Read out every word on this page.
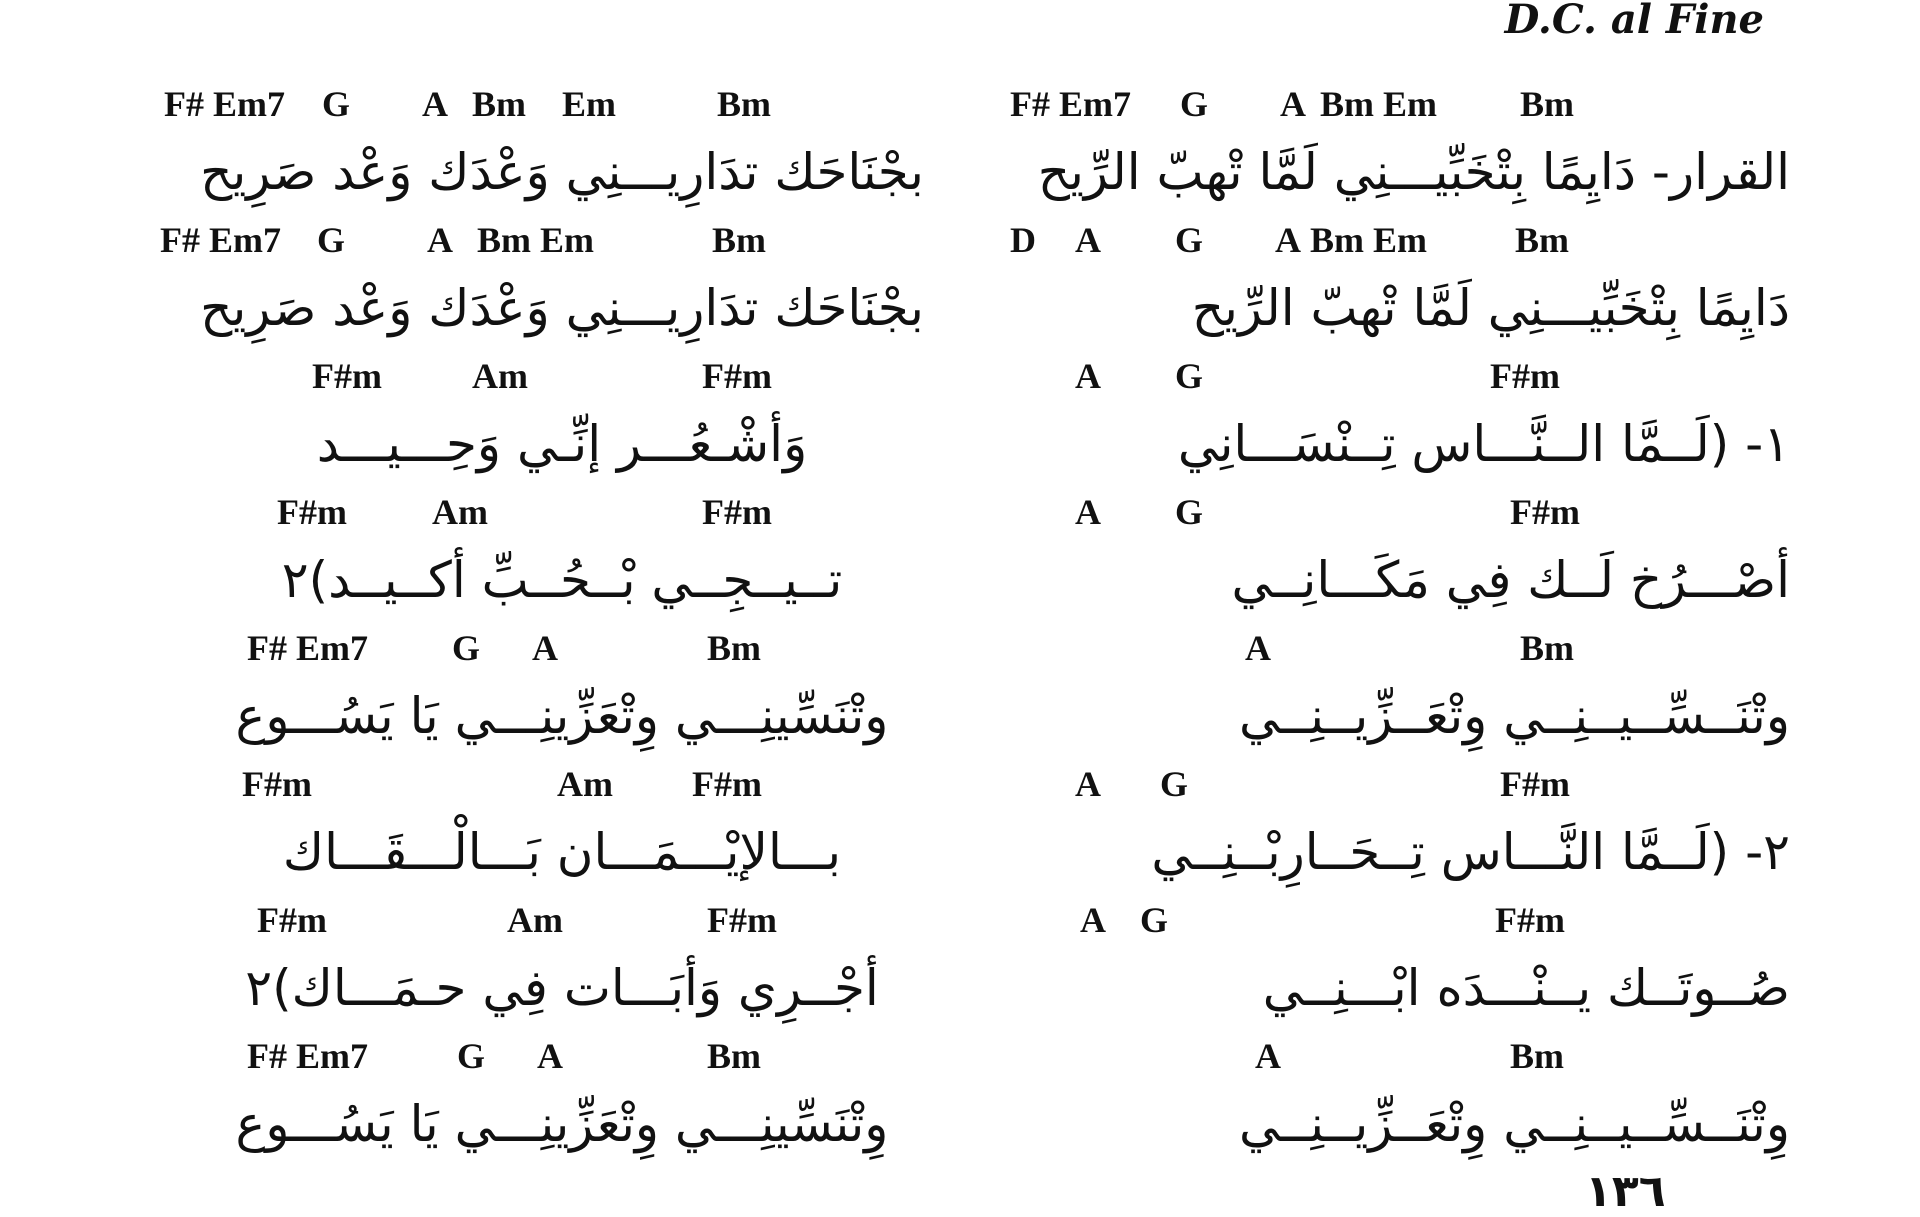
D.C. al Fine
F# Em7 G A Bm Em Bm
القرار- دَايِمًا بِتْخَبِّيـــنِي لَمَّا تْهبّ الرِّيح
D A G A Bm Em Bm
دَايِمًا بِتْخَبِّيـــنِي لَمَّا تْهبّ الرِّيح
A G	F#m
١- (لَــمَّا الــنَّـــاس تِــنْسَـــانِي
A G	F#m
أصْـــرُخ لَــك فِي مَكَـــانِــي
A	Bm
وتْنَــسِّــيــنِــي وِتْعَــزِّيــنِــي
A G	F#m
٢- (لَــمَّا النَّـــاس تِــحَــارِبْــنِــي
A G	F#m
صُــوتَــك يــنْـــدَه ابْـــنِــي
A	Bm
وِتْنَــسِّــيــنِــي وِتْعَــزِّيــنِــي
F# Em7 G A Bm Em	Bm
بجْنَاحَك تدَارِيـــنِي وَعْدَك وَعْد صَرِيح
F# Em7 G A Bm Em	Bm
بجْنَاحَك تدَارِيـــنِي وَعْدَك وَعْد صَرِيح
F#m	Am	F#m
وَأشْـعُـــر إنِّـي وَحِـــيـــد
F#m Am	F#m
تــيــجِــي بْــحُــبِّ أكــيــد)٢
F# Em7 G A	Bm
وتْنَسِّينِـــي وِتْعَزِّينِـــي يَا يَسُـــوع
F#m	Am F#m
بـــالإيْـــمَـــان بَـــالْـــقَـــاك
F#m	Am	F#m
أجْــرِي وَأبَـــات فِي حـمَـــاك)٢
F# Em7 G A	Bm
وِتْنَسِّينِـــي وِتْعَزِّينِـــي يَا يَسُـــوع
١٣٦
